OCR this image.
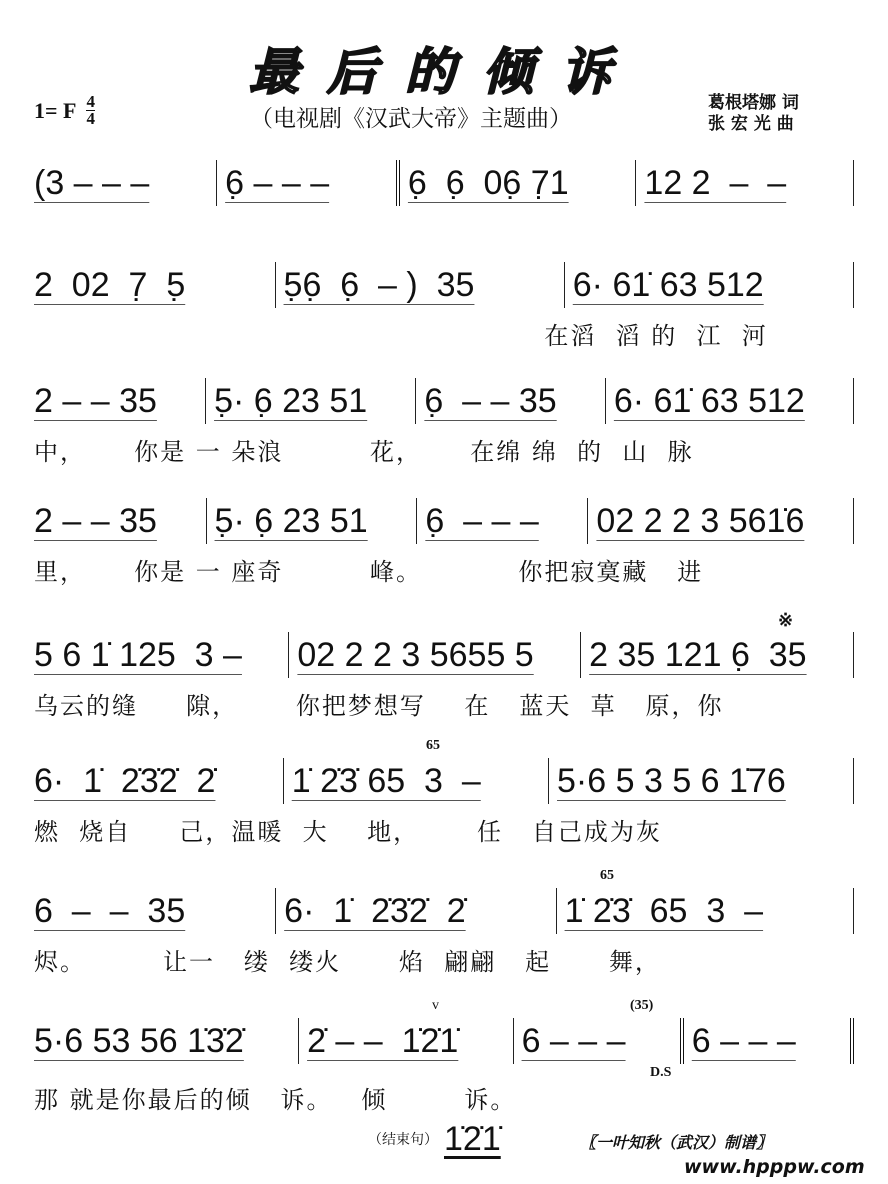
最后的倾诉
1= F $\frac{4}{4}$	（电视剧《汉武大帝》主题曲）
葛根塔娜 词
张 宏 光 曲
(3 – – –	6̣ – – –	6̣  6̣  06̣ 7̣1	12 2  –  –
2  02  7̣  5̣	5̣6̣  6̣  – )  35	6· 61̇ 63 512
在滔  滔 的  江  河
2 – – 35	5̣· 6̣ 23 51	6̣  – – 35	6· 61̇ 63 512
中，     你是 一 朵浪         花，     在绵 绵  的  山  脉
2 – – 35	5̣· 6̣ 23 51	6̣  – – –	02 2 2 3 561̇6
里，     你是 一 座奇         峰。          你把寂寞藏   进
5 6 1̇ 125  3 –	02 2 2 3 5655 5	2 35 121 6̣  35
乌云的缝     隙，      你把梦想写    在   蓝天  草   原，你
6·  1̇  2̇3̇2̇  2̇	1̇ 2̇3̇ 65  3  –	5·6 5 3 5 6 1̇76
燃  烧自     己，温暖  大    地，      任   自己成为灰
6  –  –  35	6·  1̇  2̇3̇2̇  2̇	1̇ 2̇3̇  65  3  –
烬。        让一   缕  缕火      焰  翩翩   起      舞，
5·6 53 56 1̇3̇2̇	2̇ – –  1̇2̇1̇	6 – – –	6 – – –
那 就是你最后的倾   诉。   倾        诉。
※
65
65
v	(35)
D.S
（结束句） 1̇2̇1̇	〖一叶知秋（武汉）制谱〗
www.hpppw.com
